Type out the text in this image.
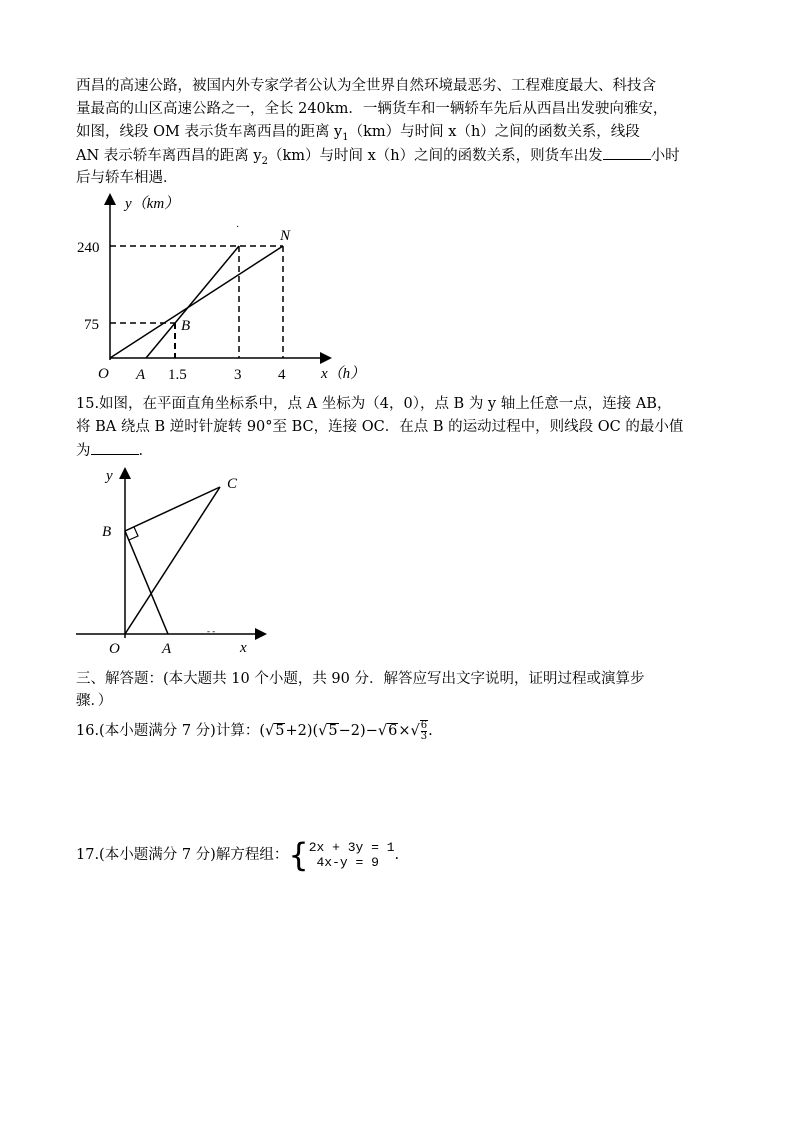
西昌的高速公路，被国内外专家学者公认为全世界自然环境最恶劣、工程难度最大、科技含
量最高的山区高速公路之一，全长 240km．一辆货车和一辆轿车先后从西昌出发驶向雅安，
如图，线段 OM 表示货车离西昌的距离 $y_1(km)$与时间 x（h）之间的函数关系，线段
AN 表示轿车离西昌的距离 $y_2(km)$与时间 x（h）之间的函数关系，则货车出发	小时
后与轿车相遇．
y（km）
x（h）
240
75
O A 1.5	3 4
B
N
·
15.如图，在平面直角坐标系中，点 A 坐标为（4，0），点 B 为 y 轴上任意一点，连接 AB，
将 BA 绕点 B 逆时针旋转 90°至 BC，连接 OC．在点 B 的运动过程中，则线段 OC 的最小值
为	．
y
x
O	A
B
C
- -
三、解答题：(本大题共 10 个小题，共 90 分．解答应写出文字说明，证明过程或演算步
骤．）
16.(本小题满分 7 分)计算：$(√5+2)(√5-2)-√6\times√ \frac{6}{3}$ .
17.(本小题满分 7 分)解方程组：{2x + 3y = 1
4x-y = 9 .
